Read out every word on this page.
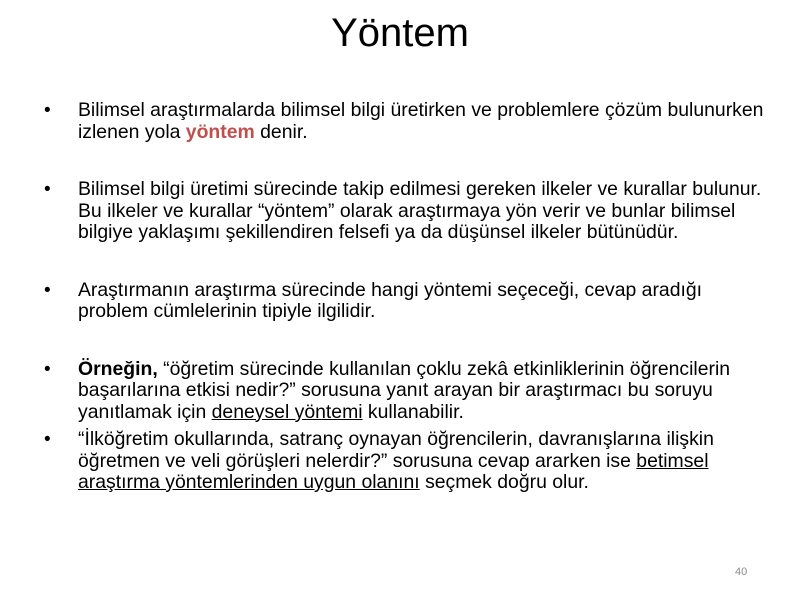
Yöntem
• Bilimsel araştırmalarda bilimsel bilgi üretirken ve problemlere çözüm bulunurken izlenen yola yöntem denir.
• Bilimsel bilgi üretimi sürecinde takip edilmesi gereken ilkeler ve kurallar bulunur. Bu ilkeler ve kurallar “yöntem” olarak araştırmaya yön verir ve bunlar bilimsel bilgiye yaklaşımı şekillendiren felsefi ya da düşünsel ilkeler bütünüdür.
• Araştırmanın araştırma sürecinde hangi yöntemi seçeceği, cevap aradığı problem cümlelerinin tipiyle ilgilidir.
• Örneğin, “öğretim sürecinde kullanılan çoklu zekâ etkinliklerinin öğrencilerin başarılarına etkisi nedir?” sorusuna yanıt arayan bir araştırmacı bu soruyu yanıtlamak için deneysel yöntemi kullanabilir.
• “İlköğretim okullarında, satranç oynayan öğrencilerin, davranışlarına ilişkin öğretmen ve veli görüşleri nelerdir?” sorusuna cevap ararken ise betimsel araştırma yöntemlerinden uygun olanını seçmek doğru olur.
40
